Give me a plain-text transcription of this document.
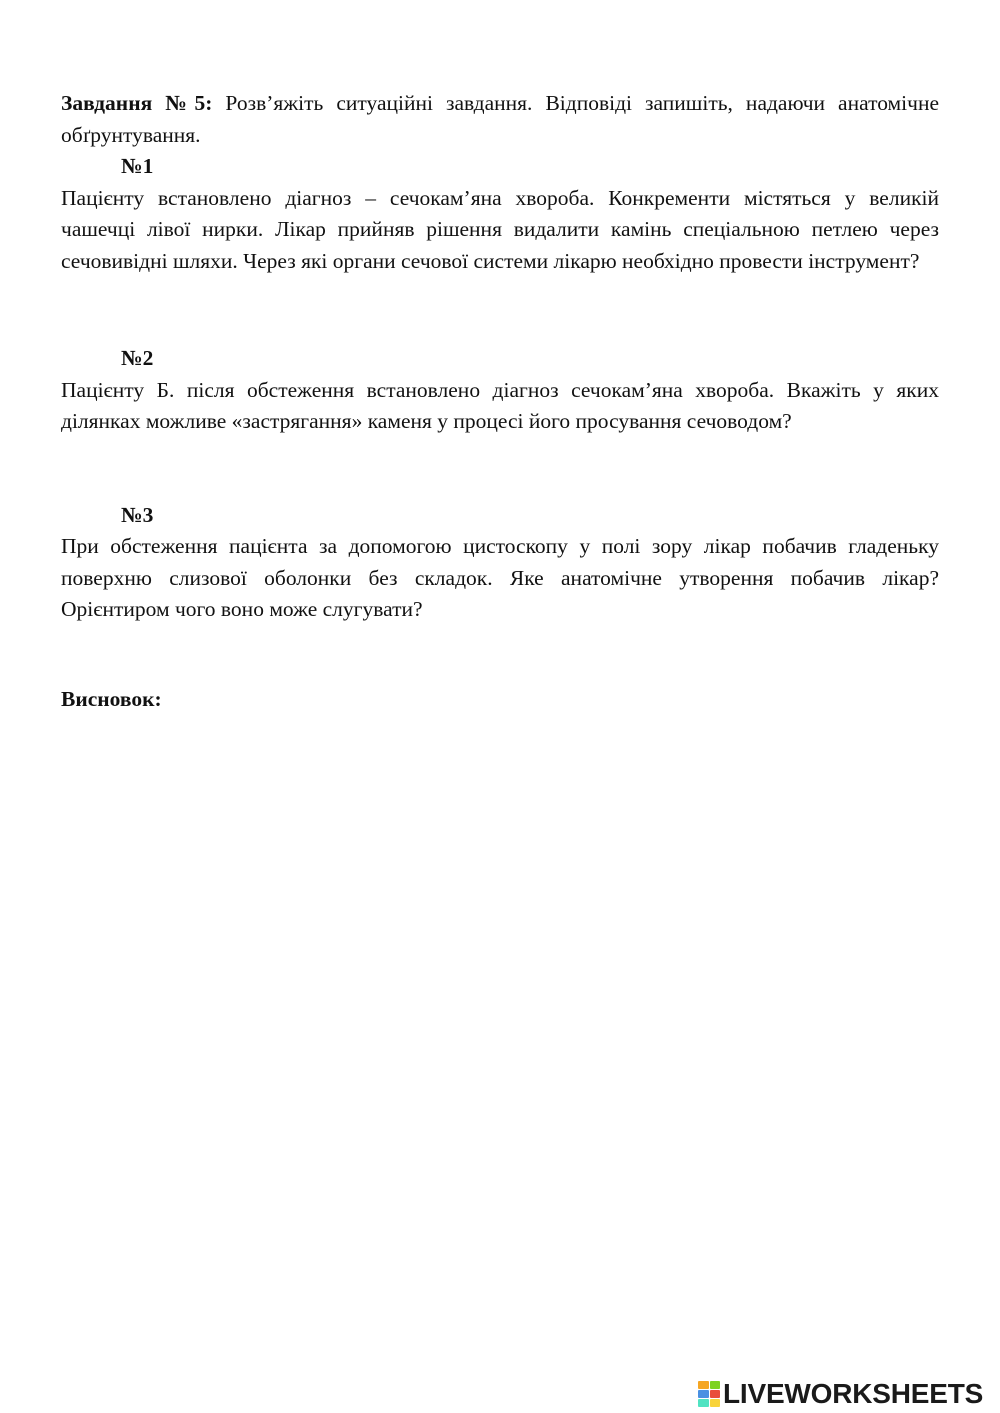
Завдання №5: Розв’яжіть ситуаційні завдання. Відповіді запишіть, надаючи анатомічне обґрунтування.

№1

Пацієнту встановлено діагноз – сечокам’яна хвороба. Конкременти містяться у великій чашечці лівої нирки. Лікар прийняв рішення видалити камінь спеціальною петлею через сечовивідні шляхи. Через які органи сечової системи лікарю необхідно провести інструмент?

№2

Пацієнту Б. після обстеження встановлено діагноз сечокам’яна хвороба. Вкажіть у яких ділянках можливе «застрягання» каменя у процесі його просування сечоводом?

№3

При обстеження пацієнта за допомогою цистоскопу у полі зору лікар побачив гладеньку поверхню слизової оболонки без складок. Яке анатомічне утворення побачив лікар? Орієнтиром чого воно може слугувати?

Висновок:

LIVEWORKSHEETS
